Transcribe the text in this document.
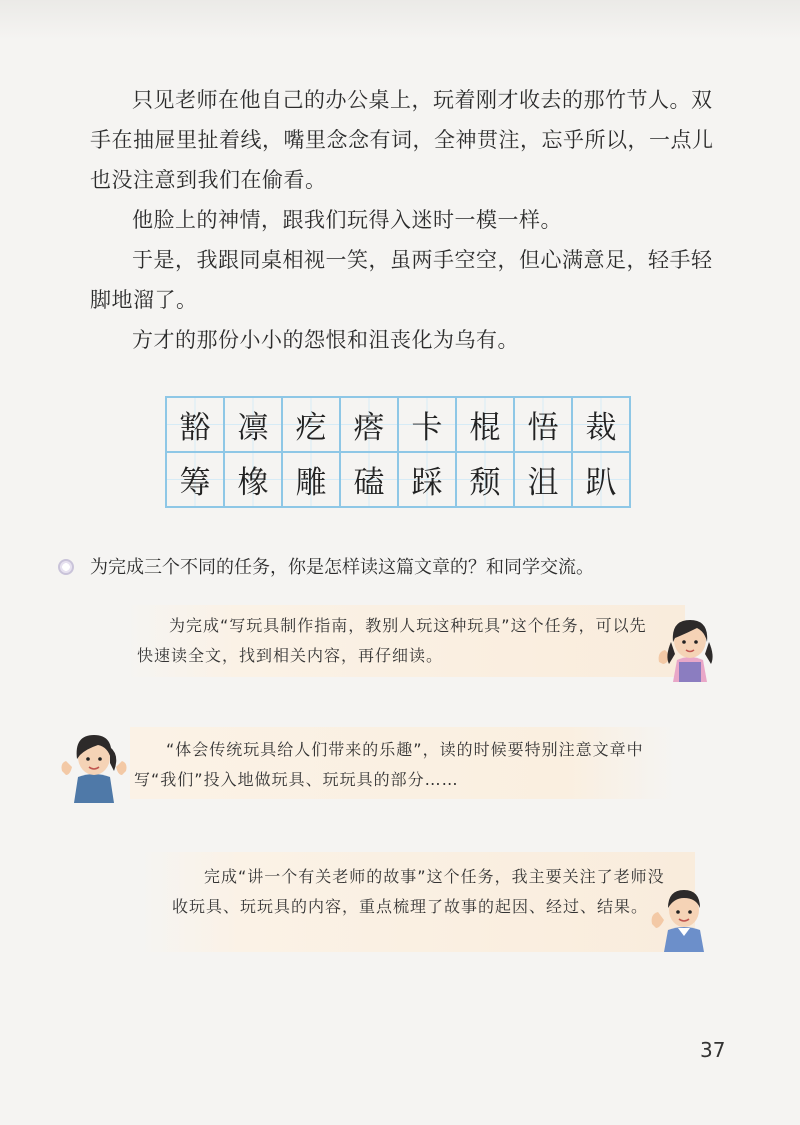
只见老师在他自己的办公桌上，玩着刚才收去的那竹节人。双手在抽屉里扯着线，嘴里念念有词，全神贯注，忘乎所以，一点儿也没注意到我们在偷看。

他脸上的神情，跟我们玩得入迷时一模一样。

于是，我跟同桌相视一笑，虽两手空空，但心满意足，轻手轻脚地溜了。

方才的那份小小的怨恨和沮丧化为乌有。

豁	凛	疙	瘩	卡	棍	悟	裁
筹	橡	雕	磕	踩	颓	沮	趴
为完成三个不同的任务，你是怎样读这篇文章的？和同学交流。
为完成“写玩具制作指南，教别人玩这种玩具”这个任务，可以先快速读全文，找到相关内容，再仔细读。
“体会传统玩具给人们带来的乐趣”，读的时候要特别注意文章中写“我们”投入地做玩具、玩玩具的部分……
完成“讲一个有关老师的故事”这个任务，我主要关注了老师没收玩具、玩玩具的内容，重点梳理了故事的起因、经过、结果。
37
